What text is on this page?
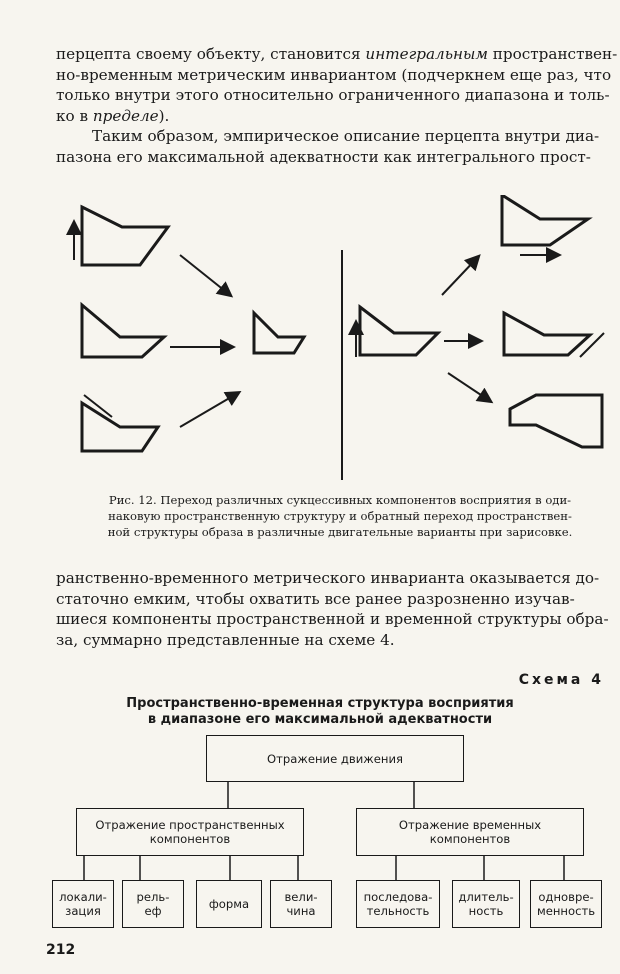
перцепта своему объекту, становится интегральным пространствен-
но-временным метрическим инвариантом (подчеркнем еще раз, что
только внутри этого относительно ограниченного диапазона и толь-
ко в пределе).

Таким образом, эмпирическое описание перцепта внутри диа-
пазона его максимальной адекватности как интегрального прост-

Рис. 12. Переход различных сукцессивных компонентов восприятия в оди-
наковую пространственную структуру и обратный переход пространствен-
ной структуры образа в различные двигательные варианты при зарисовке.

ранственно-временного метрического инварианта оказывается до-
статочно емким, чтобы охватить все ранее разрозненно изучав-
шиеся компоненты пространственной и временной структуры обра-
за, суммарно представленные на схеме 4.

Схема 4
Пространственно-временная структура восприятия
в диапазоне его максимальной адекватности
Отражение движения
Отражение пространственных
компонентов
Отражение временных
компонентов
локали-
зация
рель-
еф	форма	вели-
чина
последова-
тельность
длитель-
ность
одновре-
менность
212
